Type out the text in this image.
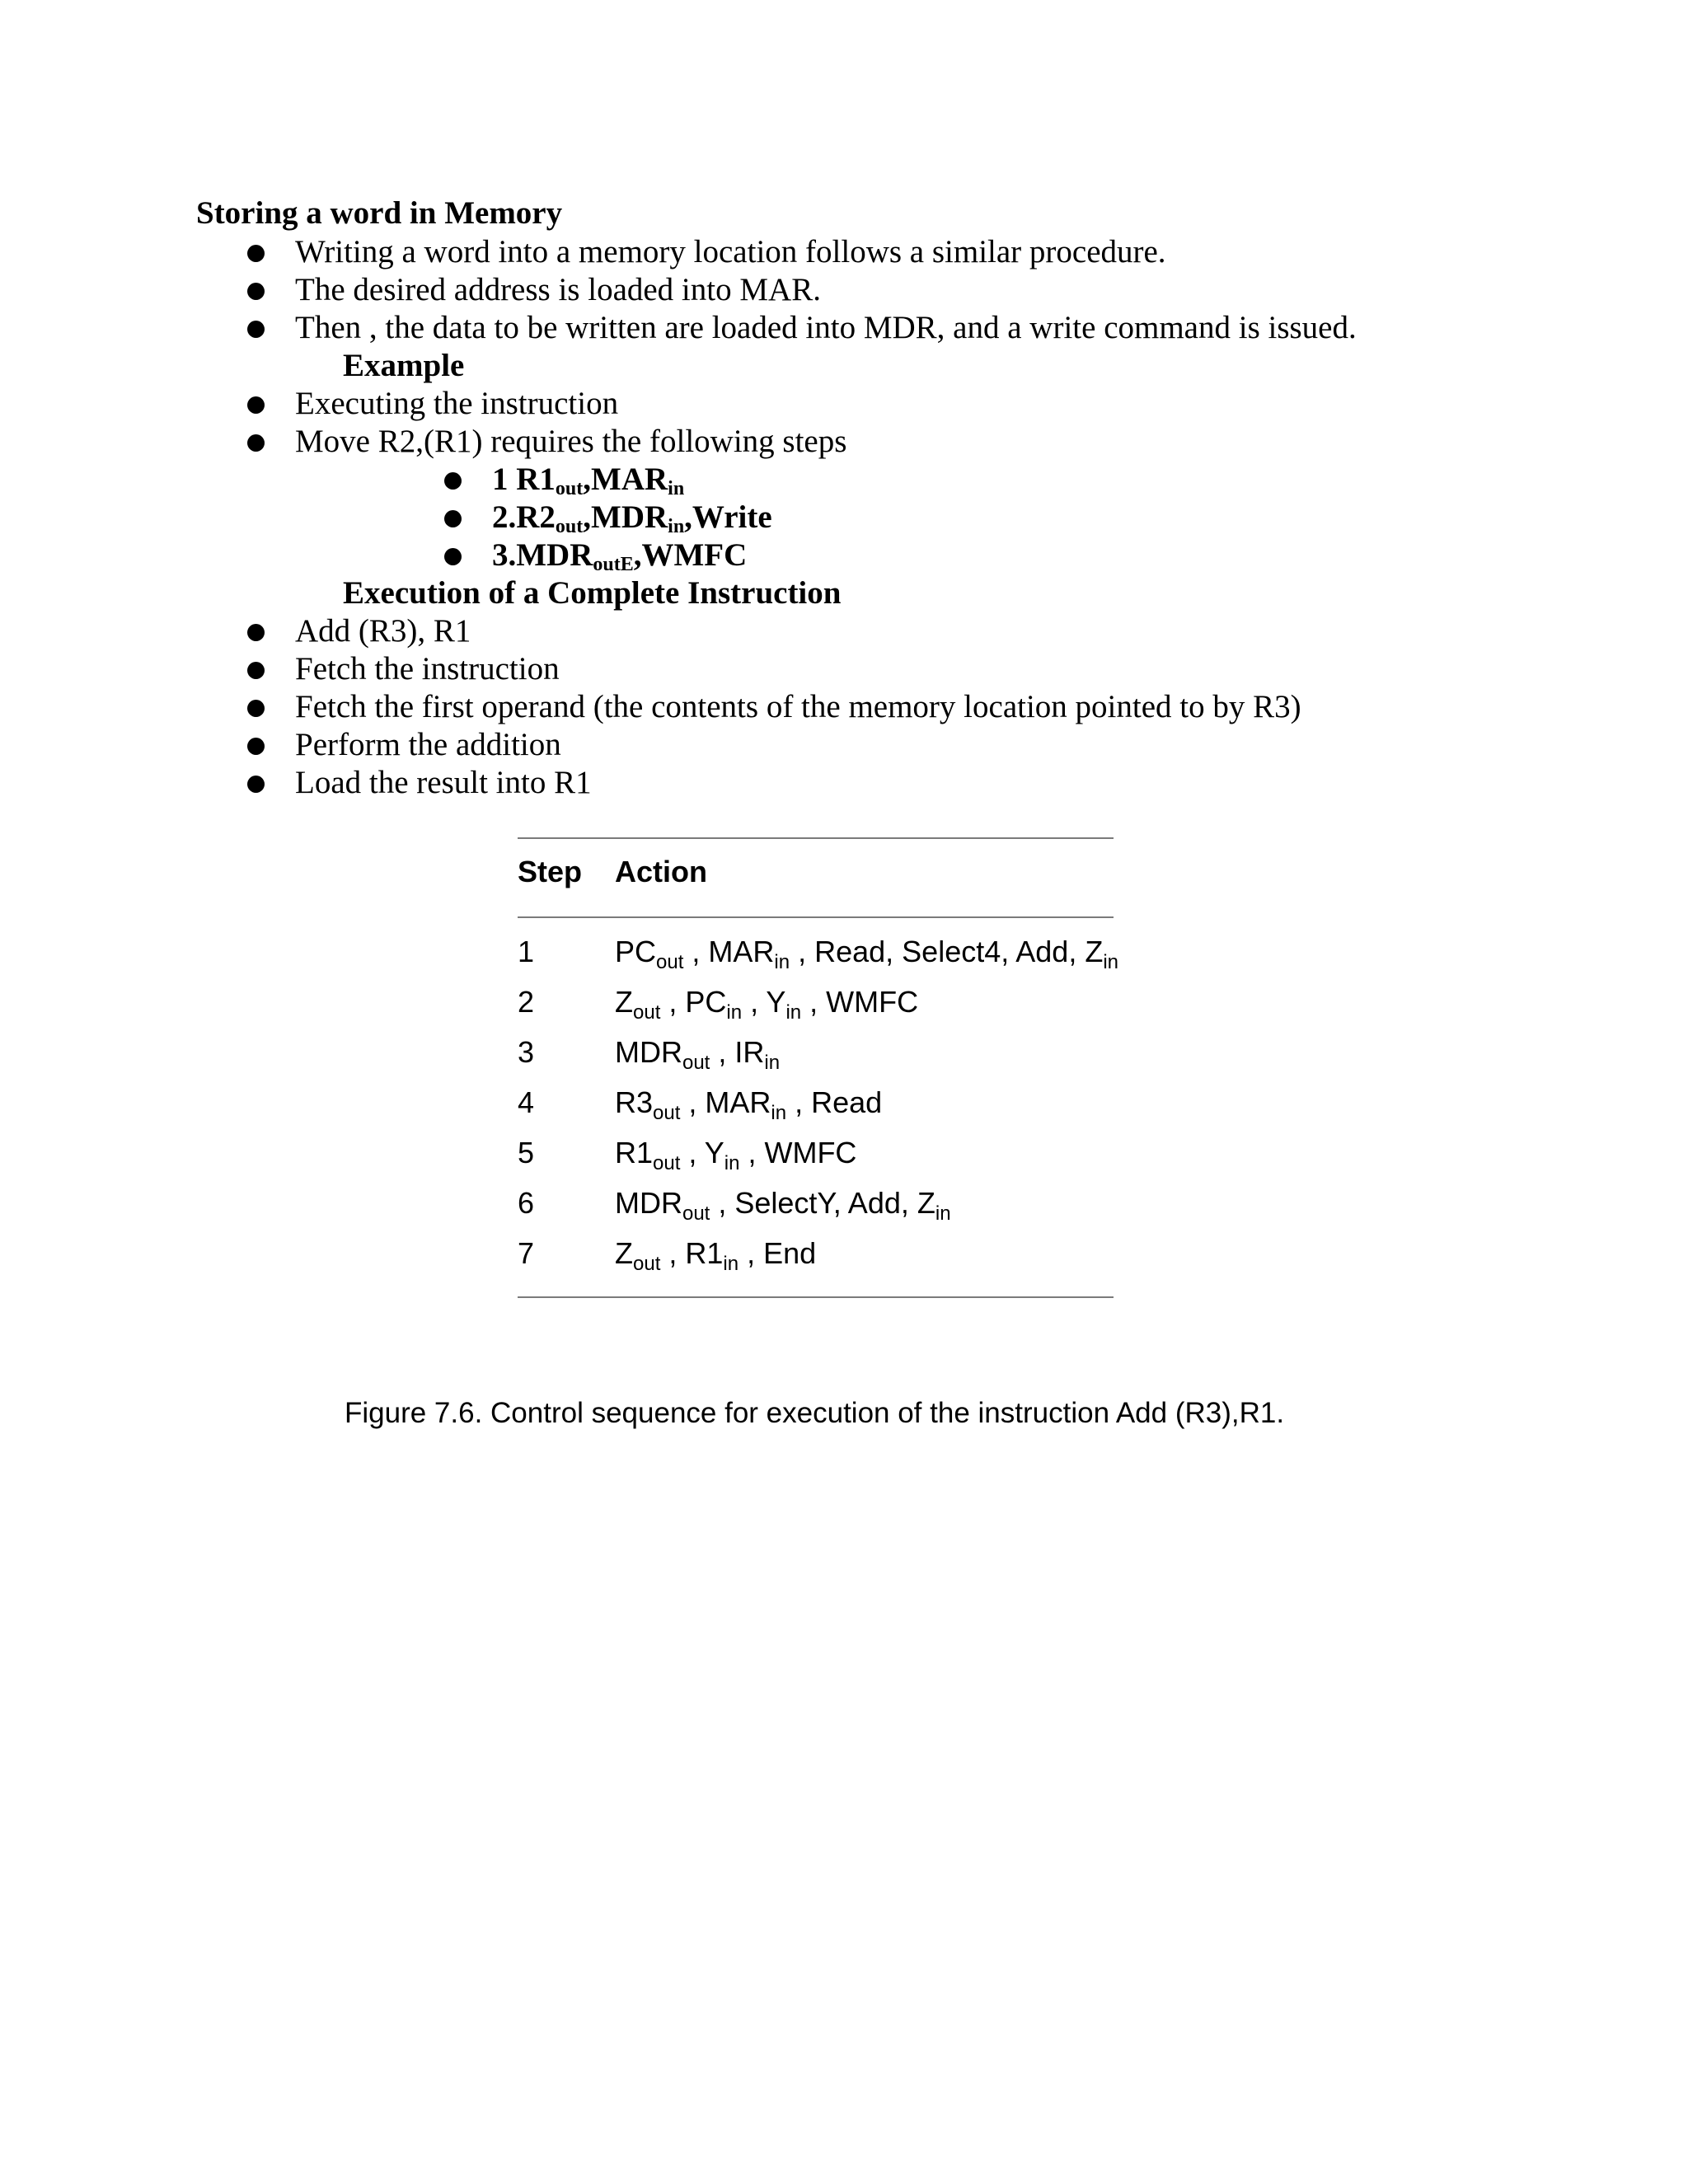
Storing a word in Memory
Writing a word into a memory location follows a similar procedure.
The desired address is loaded into MAR.
Then , the data to be written are loaded into MDR, and a write command is issued.
Example
Executing the instruction
Move R2,(R1) requires the following steps
1 R1out,MARin
2.R2out,MDRin,Write
3.MDRoutE,WMFC
Execution of a Complete Instruction
Add (R3), R1
Fetch the instruction
Fetch the first operand (the contents of the memory location pointed to by R3)
Perform the addition
Load the result into R1
Step Action
1	$PC_{out}$ , $MAR_{in}$ , Read, Select4, Add, $Z_{in}$
2	$Z_{out}$ , $PC_{in}$ , $Y_{in}$ , WMFC
3	$MDR_{out}$ , $IR_{in}$
4	$R3_{out}$ , $MAR_{in}$ , Read
5	$R1_{out}$ , $Y_{in}$ , WMFC
6	$MDR_{out}$ , SelectY, Add, $Z_{in}$
7	$Z_{out}$ , $R1_{in}$ , End
Figure 7.6. Control sequence for execution of the instruction Add (R3),R1.
